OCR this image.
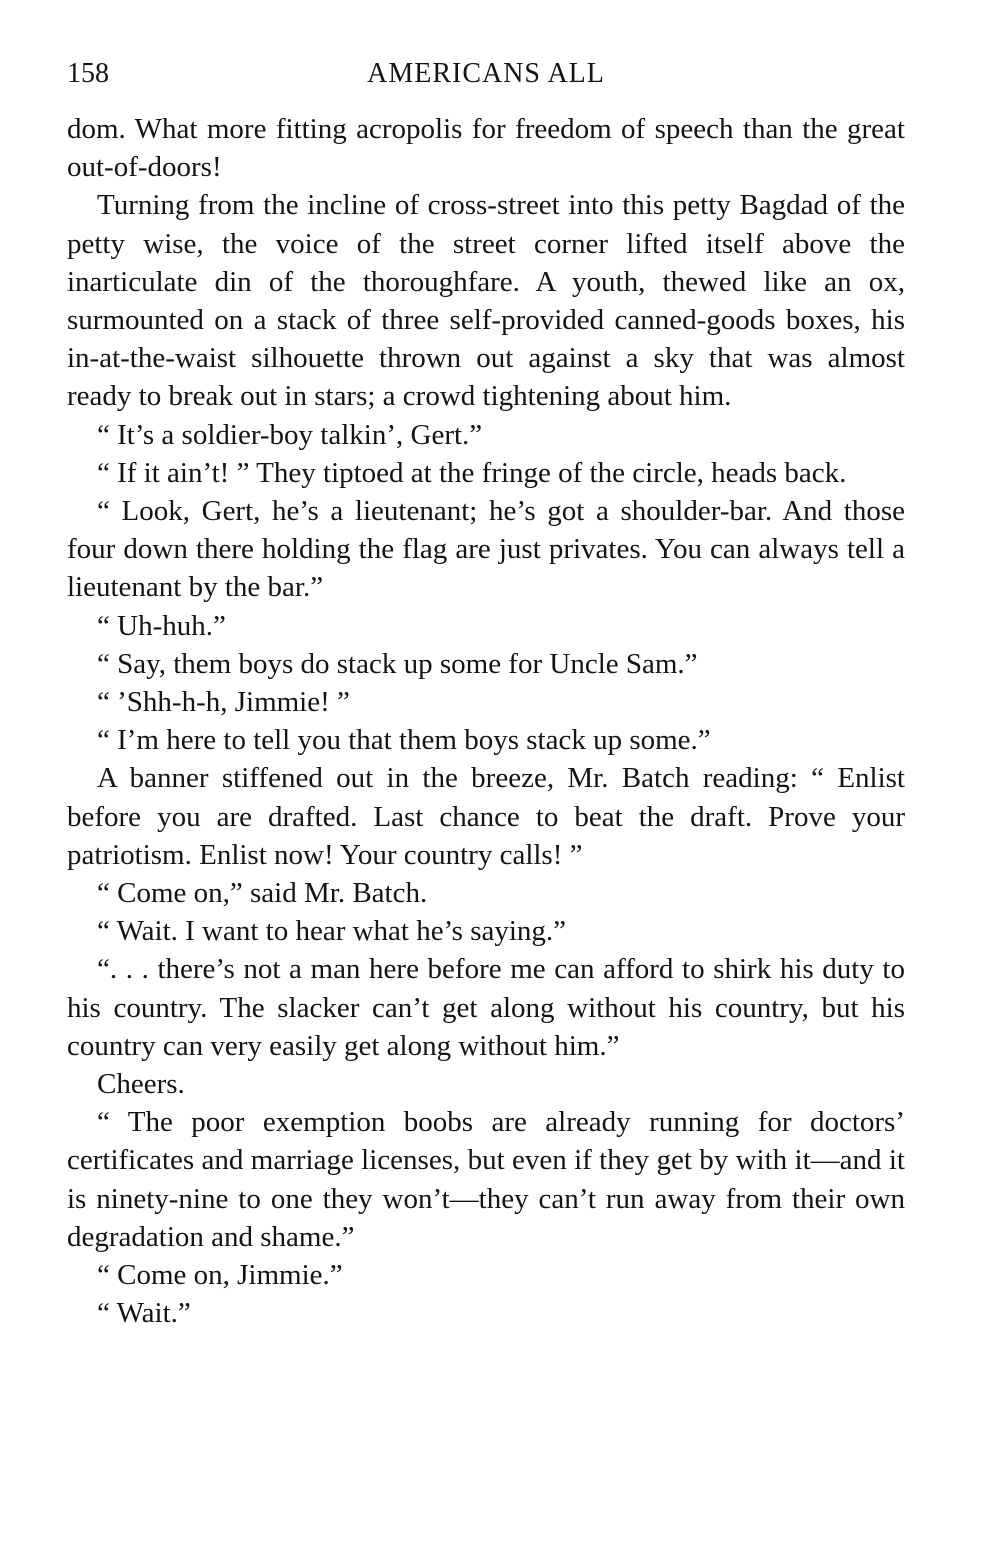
158	AMERICANS ALL

dom. What more fitting acropolis for freedom of speech than the great out-of-doors!

Turning from the incline of cross-street into this petty Bagdad of the petty wise, the voice of the street corner lifted itself above the inarticulate din of the thoroughfare. A youth, thewed like an ox, surmounted on a stack of three self-provided canned-goods boxes, his in-at-the-waist silhouette thrown out against a sky that was almost ready to break out in stars; a crowd tightening about him.

“ It’s a soldier-boy talkin’, Gert.”

“ If it ain’t! ” They tiptoed at the fringe of the circle, heads back.

“ Look, Gert, he’s a lieutenant; he’s got a shoulder-bar. And those four down there holding the flag are just privates. You can always tell a lieutenant by the bar.”

“ Uh-huh.”

“ Say, them boys do stack up some for Uncle Sam.”

“ ’Shh-h-h, Jimmie! ”

“ I’m here to tell you that them boys stack up some.”

A banner stiffened out in the breeze, Mr. Batch reading: “ Enlist before you are drafted. Last chance to beat the draft. Prove your patriotism. Enlist now! Your country calls! ”

“ Come on,” said Mr. Batch.

“ Wait. I want to hear what he’s saying.”

“. . . there’s not a man here before me can afford to shirk his duty to his country. The slacker can’t get along without his country, but his country can very easily get along without him.”

Cheers.

“ The poor exemption boobs are already running for doctors’ certificates and marriage licenses, but even if they get by with it—and it is ninety-nine to one they won’t—they can’t run away from their own degradation and shame.”

“ Come on, Jimmie.”

“ Wait.”
